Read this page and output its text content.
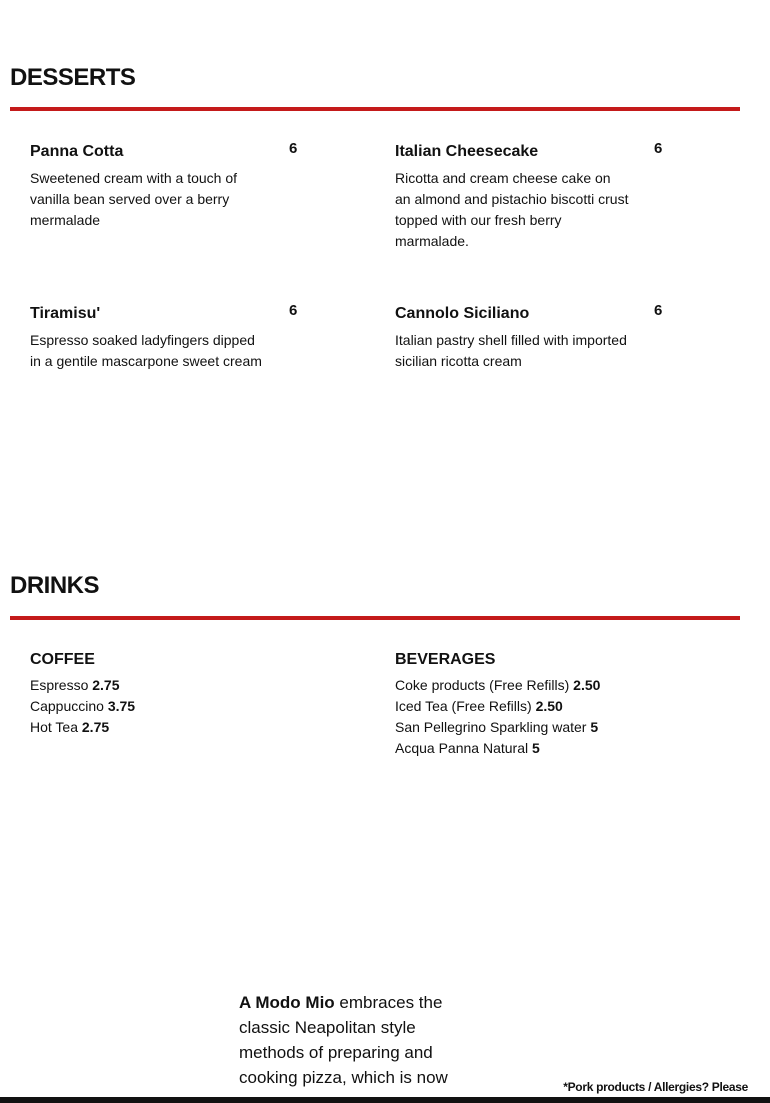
DESSERTS

Panna Cotta

Sweetened cream with a touch of vanilla bean served over a berry mermalade

6	Italian Cheesecake

Ricotta and cream cheese cake on an almond and pistachio biscotti crust topped with our fresh berry marmalade.

6

Tiramisu'

Espresso soaked ladyfingers dipped in a gentile mascarpone sweet cream

6	Cannolo Siciliano

Italian pastry shell filled with imported sicilian ricotta cream

6
DRINKS

COFFEE

Espresso 2.75
Cappuccino 3.75
Hot Tea 2.75

BEVERAGES

Coke products (Free Refills) 2.50
Iced Tea (Free Refills) 2.50
San Pellegrino Sparkling water 5
Acqua Panna Natural 5

A Modo Mio embraces the classic Neapolitan style methods of preparing and cooking pizza, which is now	*Pork products / Allergies? Please
